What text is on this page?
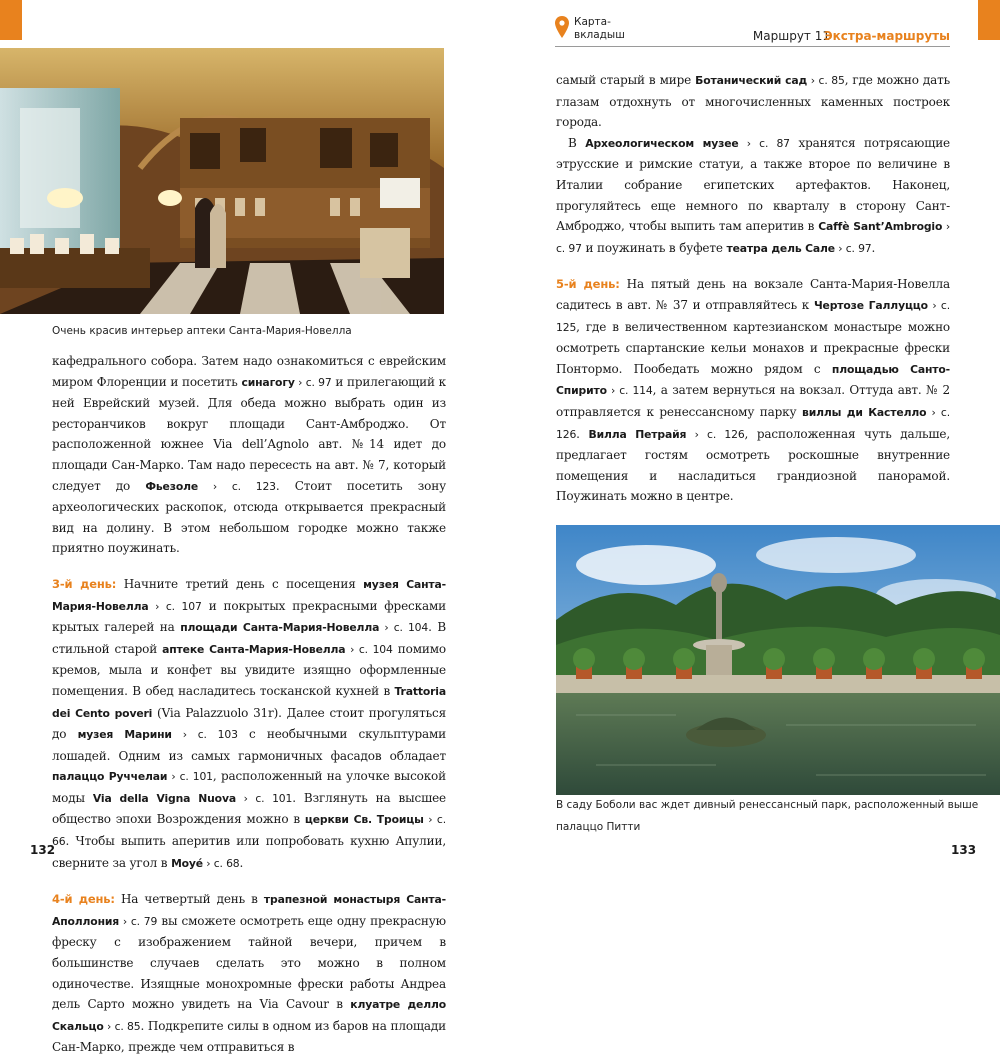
Очень красив интерьер аптеки Санта-Мария-Новелла

кафедрального собора. Затем надо ознакомиться с еврейским миром Флоренции и посетить синагогу › с. 97 и прилегающий к ней Еврейский музей. Для обеда можно выбрать один из ресторанчиков вокруг площади Сант-Амброджо. От расположенной южнее Via dell’Agnolo авт. №14 идет до площади Сан-Марко. Там надо пересесть на авт. № 7, который следует до Фьезоле › с. 123. Стоит посетить зону археологических раскопок, отсюда открывается прекрасный вид на долину. В этом небольшом городке можно также приятно поужинать.

3-й день: Начните третий день с посещения музея Санта-Мария-Новелла › с. 107 и покрытых прекрасными фресками крытых галерей на площади Санта-Мария-Новелла › с. 104. В стильной старой аптеке Санта-Мария-Новелла › с. 104 помимо кремов, мыла и конфет вы увидите изящно оформленные помещения. В обед насладитесь тосканской кухней в Trattoria dei Cento poveri (Via Palazzuolo 31r). Далее стоит прогуляться до музея Марини › с. 103 с необычными скульптурами лошадей. Одним из самых гармоничных фасадов обладает палаццо Руччелаи › с. 101, расположенный на улочке высокой моды Via della Vigna Nuova › с. 101. Взглянуть на высшее общество эпохи Возрождения можно в церкви Св. Троицы › с. 66. Чтобы выпить аперитив или попробовать кухню Апулии, сверните за угол в Моуé › с. 68.

4-й день: На четвертый день в трапезной монастыря Санта-Аполлония › с. 79 вы сможете осмотреть еще одну прекрасную фреску с изображением тайной вечери, причем в большинстве случаев сделать это можно в полном одиночестве. Изящные монохромные фрески работы Андреа дель Сарто можно увидеть на Via Cavour в клуатре делло Скальцо › с. 85. Подкрепите силы в одном из баров на площади Сан-Марко, прежде чем отправиться в

132
Карта-
вкладыш	Маршрут 11
Экстра-маршруты

самый старый в мире Ботанический сад › с. 85, где можно дать глазам отдохнуть от многочисленных каменных построек города.
В Археологическом музее › с. 87 хранятся потрясающие этрусские и римские статуи, а также второе по величине в Италии собрание египетских артефактов. Наконец, прогуляйтесь еще немного по кварталу в сторону Сант-Амброджо, чтобы выпить там аперитив в Caffè Sant’Ambrogio › с. 97 и поужинать в буфете театра дель Сале › с. 97.

5-й день: На пятый день на вокзале Санта-Мария-Новелла садитесь в авт. № 37 и отправляйтесь к Чертозе Галлуццо › с. 125, где в величественном картезианском монастыре можно осмотреть спартанские кельи монахов и прекрасные фрески Понтормо. Пообедать можно рядом с площадью Санто-Спирито › с. 114, а затем вернуться на вокзал. Оттуда авт. № 2 отправляется к ренессансному парку виллы ди Кастелло › с. 126. Вилла Петрайя › с. 126, расположенная чуть дальше, предлагает гостям осмотреть роскошные внутренние помещения и насладиться грандиозной панорамой. Поужинать можно в центре.

В саду Боболи вас ждет дивный ренессансный парк, расположенный выше
палаццо Питти
133
